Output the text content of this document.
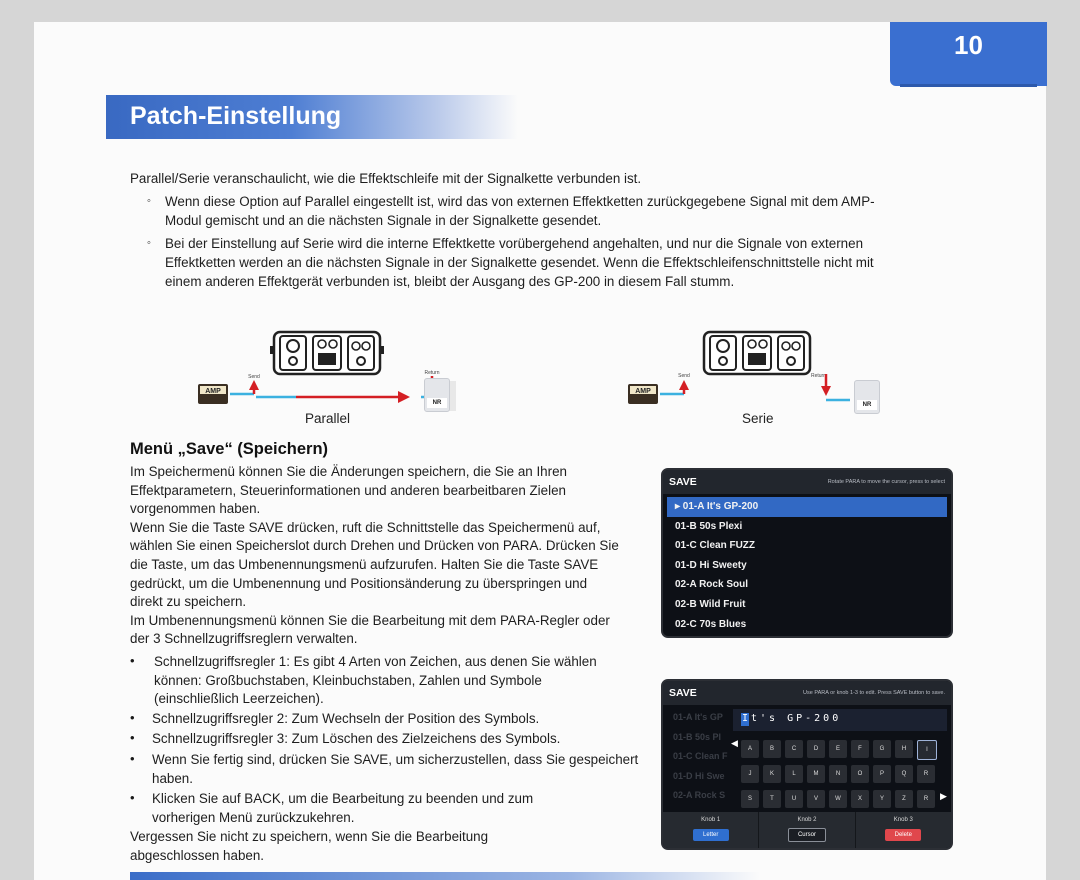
10
Patch-Einstellung
Parallel/Serie veranschaulicht, wie die Effektschleife mit der Signalkette verbunden ist.
◦ Wenn diese Option auf Parallel eingestellt ist, wird das von externen Effektketten zurückgegebene Signal mit dem AMP-
Modul gemischt und an die nächsten Signale in der Signalkette gesendet.
◦ Bei der Einstellung auf Serie wird die interne Effektkette vorübergehend angehalten, und nur die Signale von externen
Effektketten werden an die nächsten Signale in der Signalkette gesendet. Wenn die Effektschleifenschnittstelle nicht mit
einem anderen Effektgerät verbunden ist, bleibt der Ausgang des GP-200 in diesem Fall stumm.
AMP
Send
Return
NR
Parallel
AMP
Send	Return
NR
Serie
Menü „Save“ (Speichern)
Im Speichermenü können Sie die Änderungen speichern, die Sie an Ihren
Effektparametern, Steuerinformationen und anderen bearbeitbaren Zielen
vorgenommen haben.
Wenn Sie die Taste SAVE drücken, ruft die Schnittstelle das Speichermenü auf,
wählen Sie einen Speicherslot durch Drehen und Drücken von PARA. Drücken Sie
die Taste, um das Umbenennungsmenü aufzurufen. Halten Sie die Taste SAVE
gedrückt, um die Umbenennung und Positionsänderung zu überspringen und
direkt zu speichern.
Im Umbenennungsmenü können Sie die Bearbeitung mit dem PARA-Regler oder
der 3 Schnellzugriffsreglern verwalten.
• Schnellzugriffsregler 1: Es gibt 4 Arten von Zeichen, aus denen Sie wählen
können: Großbuchstaben, Kleinbuchstaben, Zahlen und Symbole
(einschließlich Leerzeichen).
• Schnellzugriffsregler 2: Zum Wechseln der Position des Symbols.
• Schnellzugriffsregler 3: Zum Löschen des Zielzeichens des Symbols.
• Wenn Sie fertig sind, drücken Sie SAVE, um sicherzustellen, dass Sie gespeichert
haben.
• Klicken Sie auf BACK, um die Bearbeitung zu beenden und zum
vorherigen Menü zurückzukehren.
Vergessen Sie nicht zu speichern, wenn Sie die Bearbeitung
abgeschlossen haben.
SAVE	Rotate PARA to move the cursor, press to select
▸ 01-A It's GP-200
01-B 50s Plexi
01-C Clean FUZZ
01-D Hi Sweety
02-A Rock Soul
02-B Wild Fruit
02-C 70s Blues
SAVE	Use PARA or knob 1-3 to edit. Press SAVE button to save.
01-A It's GP
01-B 50s Pl
01-C Clean F
01-D Hi Swe
02-A Rock S
It's GP-200
◀
A	B	C	D	E	F	G	H	I
J	K	L	M	N	O	P	Q	R
S	T	U	V	W	X	Y	Z	R	▶
Knob 1
Letter
Knob 2
Cursor
Knob 3
Delete
